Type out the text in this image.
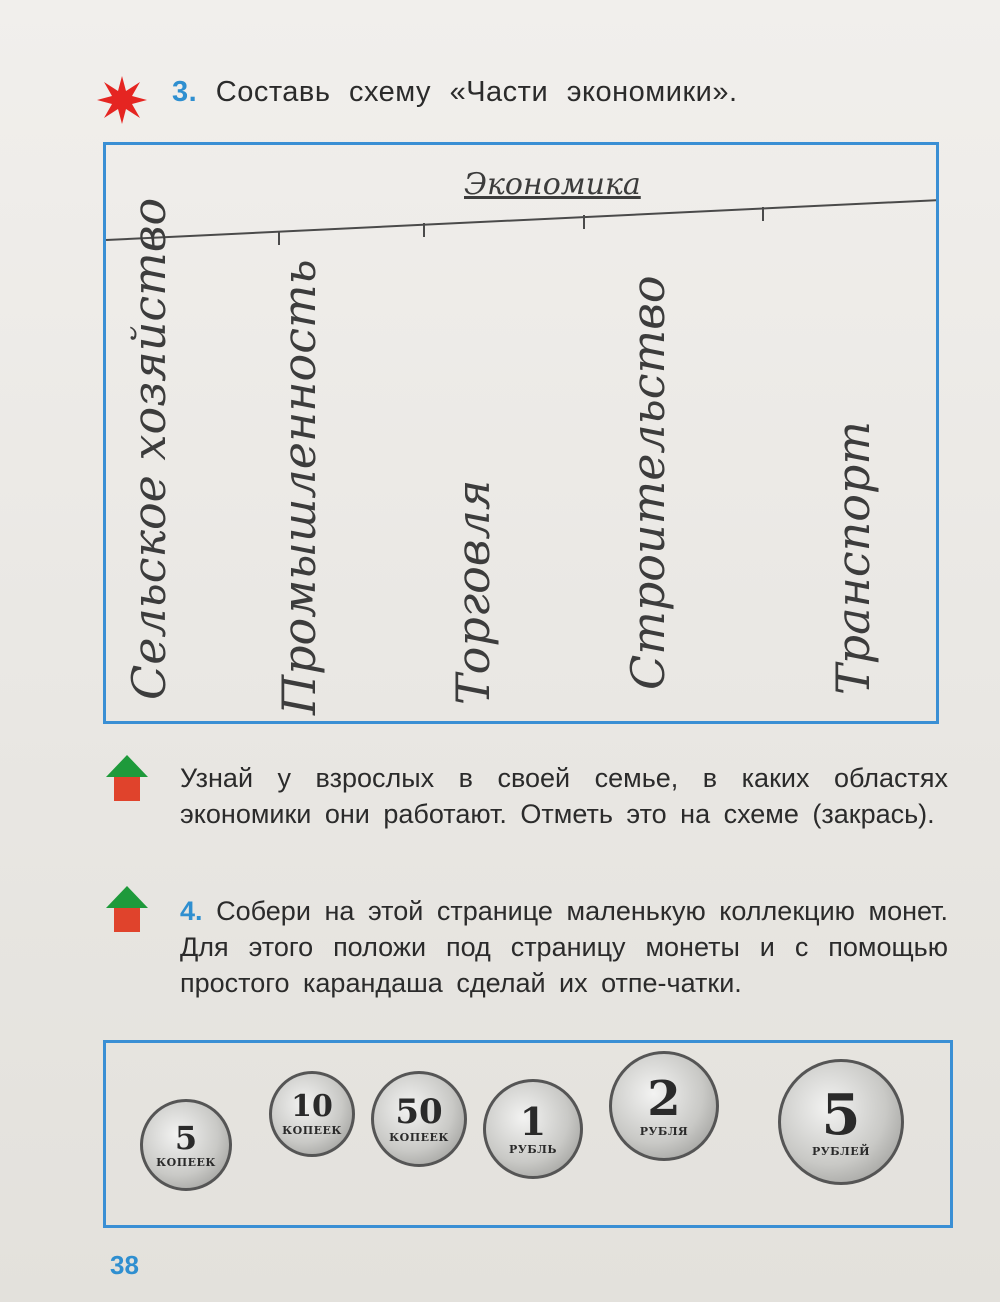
3. Составь схему «Части экономики».
Экономика
Сельское хозяйство Промышленность	Торговля	Строительство	Транспорт
Узнай у взрослых в своей семье, в каких областях экономики они работают. Отметь это на схеме (закрась).
4. Собери на этой странице маленькую коллекцию монет. Для этого положи под страницу монеты и с помощью простого карандаша сделай их отпе-чатки.
5
КОПЕЕК
10
КОПЕЕК 50
КОПЕЕК 1
РУБЛЬ
2
РУБЛЯ 5
РУБЛЕЙ
38
